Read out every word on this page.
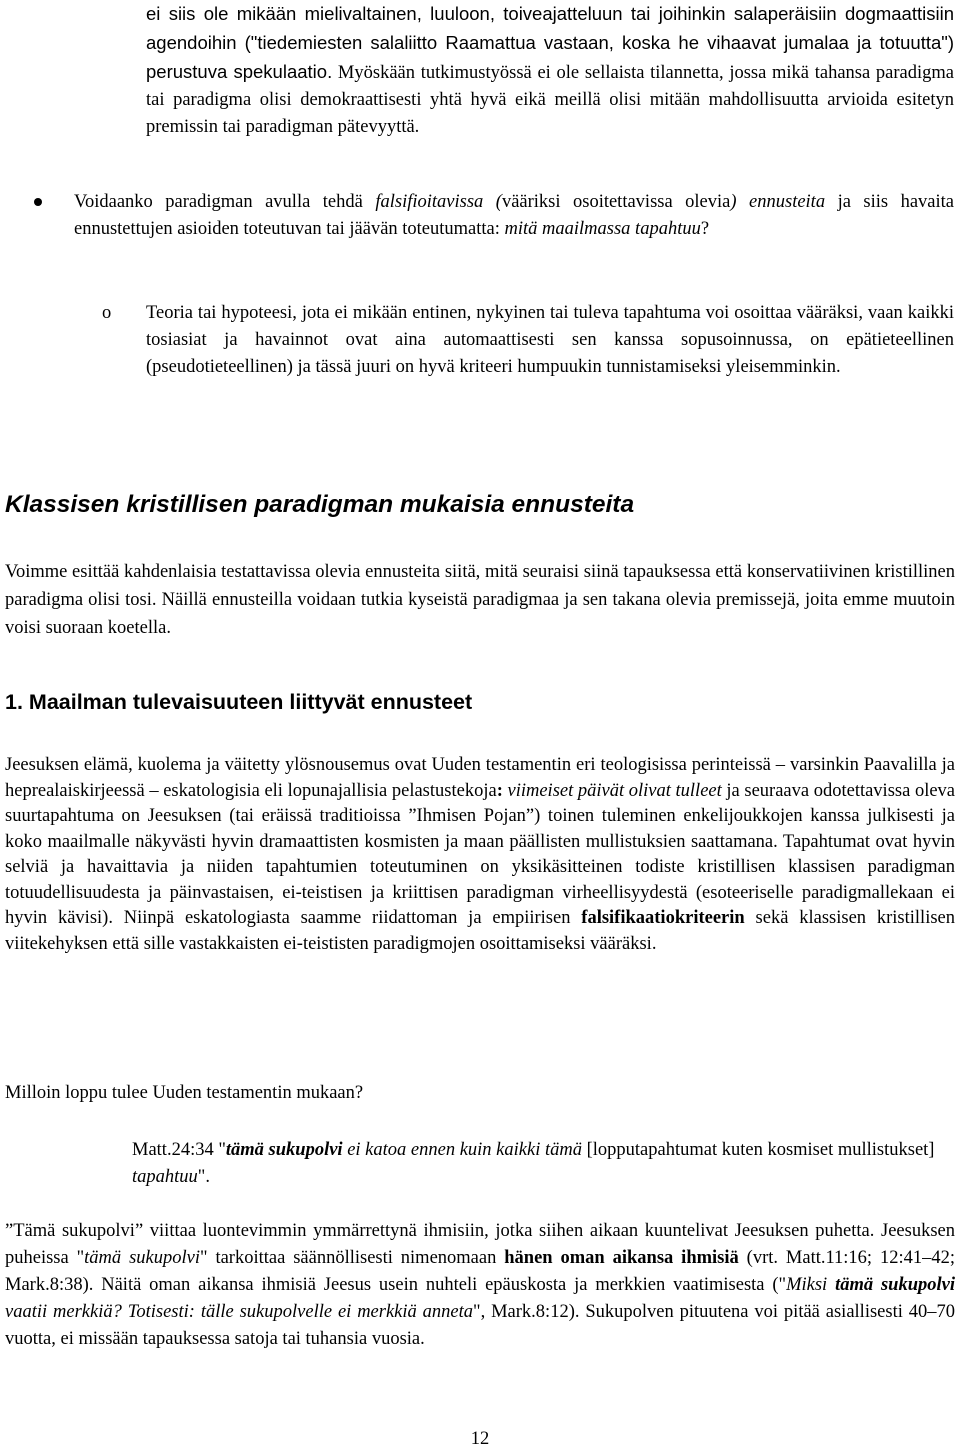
ei siis ole mikään mielivaltainen, luuloon, toiveajatteluun tai joihinkin salaperäisiin dogmaattisiin agendoihin ("tiedemiesten salaliitto Raamattua vastaan, koska he vihaavat jumalaa ja totuutta") perustuva spekulaatio. Myöskään tutkimustyössä ei ole sellaista tilannetta, jossa mikä tahansa paradigma tai paradigma olisi demokraattisesti yhtä hyvä eikä meillä olisi mitään mahdollisuutta arvioida esitetyn premissin tai paradigman pätevyyttä.

Voidaanko paradigman avulla tehdä falsifioitavissa (vääriksi osoitettavissa olevia) ennusteita ja siis havaita ennustettujen asioiden toteutuvan tai jäävän toteutumatta: mitä maailmassa tapahtuu?

o Teoria tai hypoteesi, jota ei mikään entinen, nykyinen tai tuleva tapahtuma voi osoittaa vääräksi, vaan kaikki tosiasiat ja havainnot ovat aina automaattisesti sen kanssa sopusoinnussa, on epätieteellinen (pseudotieteellinen) ja tässä juuri on hyvä kriteeri humpuukin tunnistamiseksi yleisemminkin.

Klassisen kristillisen paradigman mukaisia ennusteita

Voimme esittää kahdenlaisia testattavissa olevia ennusteita siitä, mitä seuraisi siinä tapauksessa että konservatiivinen kristillinen paradigma olisi tosi. Näillä ennusteilla voidaan tutkia kyseistä paradigmaa ja sen takana olevia premissejä, joita emme muutoin voisi suoraan koetella.

1. Maailman tulevaisuuteen liittyvät ennusteet

Jeesuksen elämä, kuolema ja väitetty ylösnousemus ovat Uuden testamentin eri teologisissa perinteissä – varsinkin Paavalilla ja heprealaiskirjeessä – eskatologisia eli lopunajallisia pelastustekoja: viimeiset päivät olivat tulleet ja seuraava odotettavissa oleva suurtapahtuma on Jeesuksen (tai eräissä traditioissa ”Ihmisen Pojan”) toinen tuleminen enkelijoukkojen kanssa julkisesti ja koko maailmalle näkyvästi hyvin dramaattisten kosmisten ja maan päällisten mullistuksien saattamana. Tapahtumat ovat hyvin selviä ja havaittavia ja niiden tapahtumien toteutuminen on yksikäsitteinen todiste kristillisen klassisen paradigman totuudellisuudesta ja päinvastaisen, ei-teistisen ja kriittisen paradigman virheellisyydestä (esoteeriselle paradigmallekaan ei hyvin kävisi). Niinpä eskatologiasta saamme riidattoman ja empiirisen falsifikaatiokriteerin sekä klassisen kristillisen viitekehyksen että sille vastakkaisten ei-teististen paradigmojen osoittamiseksi vääräksi.

Milloin loppu tulee Uuden testamentin mukaan?

Matt.24:34 "tämä sukupolvi ei katoa ennen kuin kaikki tämä [lopputapahtumat kuten kosmiset mullistukset] tapahtuu".

”Tämä sukupolvi” viittaa luontevimmin ymmärrettynä ihmisiin, jotka siihen aikaan kuuntelivat Jeesuksen puhetta. Jeesuksen puheissa "tämä sukupolvi" tarkoittaa säännöllisesti nimenomaan hänen oman aikansa ihmisiä (vrt. Matt.11:16; 12:41–42; Mark.8:38). Näitä oman aikansa ihmisiä Jeesus usein nuhteli epäuskosta ja merkkien vaatimisesta ("Miksi tämä sukupolvi vaatii merkkiä? Totisesti: tälle sukupolvelle ei merkkiä anneta", Mark.8:12). Sukupolven pituutena voi pitää asiallisesti 40–70 vuotta, ei missään tapauksessa satoja tai tuhansia vuosia.

12
